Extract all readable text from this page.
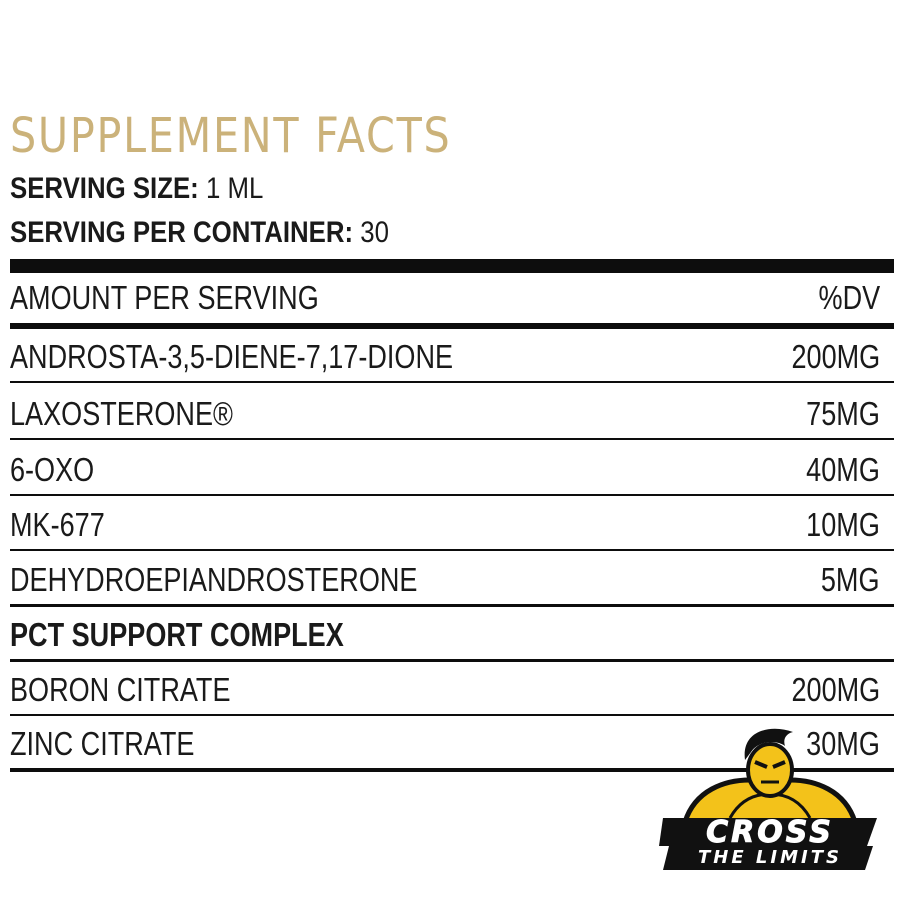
SUPPLEMENT FACTS
SERVING SIZE: 1 ML
SERVING PER CONTAINER: 30
AMOUNT PER SERVING	%DV
ANDROSTA-3,5-DIENE-7,17-DIONE	200MG
LAXOSTERONE®	75MG
6-OXO	40MG
MK-677	10MG
DEHYDROEPIANDROSTERONE	5MG
PCT SUPPORT COMPLEX
BORON CITRATE	200MG
ZINC CITRATE	30MG
CROSS
THE LIMITS
